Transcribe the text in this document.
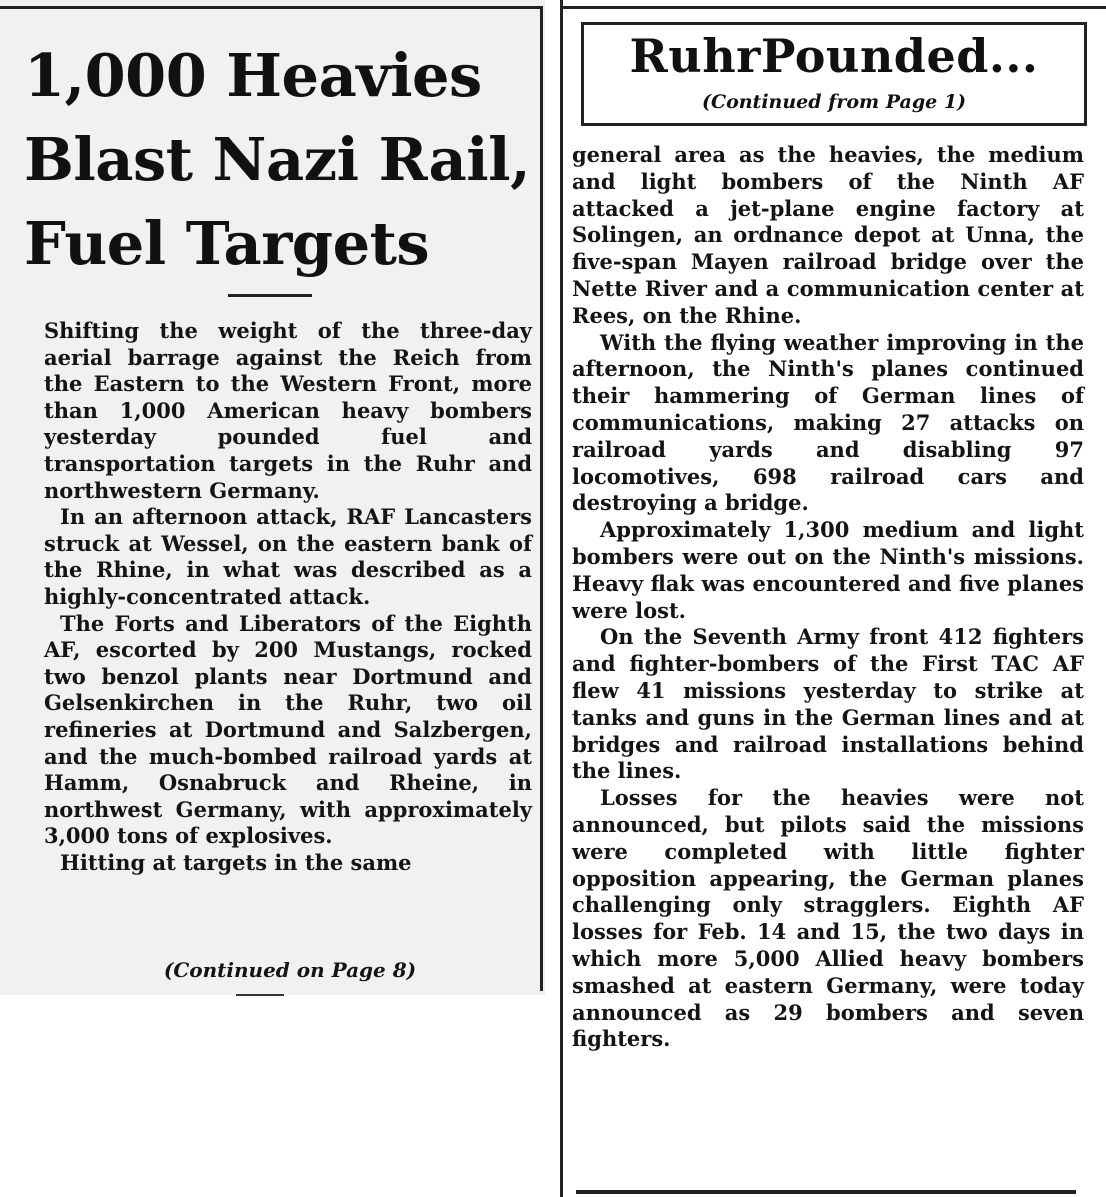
1,000 Heavies
Blast Nazi Rail,
Fuel Targets

Shifting the weight of the three-day aerial barrage against the Reich from the Eastern to the Western Front, more than 1,000 American heavy bombers yesterday pounded fuel and transportation targets in the Ruhr and northwestern Germany.

In an afternoon attack, RAF Lancasters struck at Wessel, on the eastern bank of the Rhine, in what was described as a highly-concentrated attack.

The Forts and Liberators of the Eighth AF, escorted by 200 Mustangs, rocked two benzol plants near Dortmund and Gelsenkirchen in the Ruhr, two oil refineries at Dortmund and Salzbergen, and the much-bombed railroad yards at Hamm, Osnabruck and Rheine, in northwest Germany, with approximately 3,000 tons of explosives.

Hitting at targets in the same

(Continued on Page 8)
RuhrPounded...
(Continued from Page 1)

general area as the heavies, the medium and light bombers of the Ninth AF attacked a jet-plane engine factory at Solingen, an ordnance depot at Unna, the five-span Mayen railroad bridge over the Nette River and a communication center at Rees, on the Rhine.

With the flying weather improving in the afternoon, the Ninth's planes continued their hammering of German lines of communications, making 27 attacks on railroad yards and disabling 97 locomotives, 698 railroad cars and destroying a bridge.

Approximately 1,300 medium and light bombers were out on the Ninth's missions. Heavy flak was encountered and five planes were lost.

On the Seventh Army front 412 fighters and fighter-bombers of the First TAC AF flew 41 missions yesterday to strike at tanks and guns in the German lines and at bridges and railroad installations behind the lines.

Losses for the heavies were not announced, but pilots said the missions were completed with little fighter opposition appearing, the German planes challenging only stragglers. Eighth AF losses for Feb. 14 and 15, the two days in which more 5,000 Allied heavy bombers smashed at eastern Germany, were today announced as 29 bombers and seven fighters.
